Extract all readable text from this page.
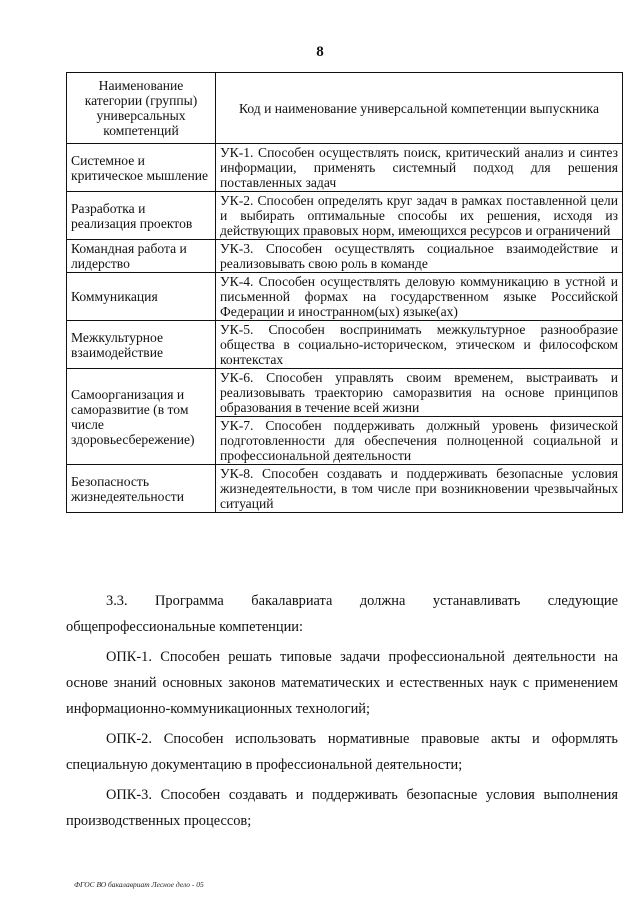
8
Наименование категории (группы) универсальных компетенций	Код и наименование универсальной компетенции выпускника
Системное и критическое мышление	УК-1. Способен осуществлять поиск, критический анализ и синтез информации, применять системный подход для решения поставленных задач
Разработка и реализация проектов	УК-2. Способен определять круг задач в рамках поставленной цели и выбирать оптимальные способы их решения, исходя из действующих правовых норм, имеющихся ресурсов и ограничений
Командная работа и лидерство	УК-3. Способен осуществлять социальное взаимодействие и реализовывать свою роль в команде
Коммуникация	УК-4. Способен осуществлять деловую коммуникацию в устной и письменной формах на государственном языке Российской Федерации и иностранном(ых) языке(ах)
Межкультурное взаимодействие	УК-5. Способен воспринимать межкультурное разнообразие общества в социально-историческом, этическом и философском контекстах
Самоорганизация и саморазвитие (в том числе здоровьесбережение)	УК-6. Способен управлять своим временем, выстраивать и реализовывать траекторию саморазвития на основе принципов образования в течение всей жизни
	УК-7. Способен поддерживать должный уровень физической подготовленности для обеспечения полноценной социальной и профессиональной деятельности
Безопасность жизнедеятельности	УК-8. Способен создавать и поддерживать безопасные условия жизнедеятельности, в том числе при возникновении чрезвычайных ситуаций

3.3. Программа бакалавриата должна устанавливать следующие общепрофессиональные компетенции:

ОПК-1. Способен решать типовые задачи профессиональной деятельности на основе знаний основных законов математических и естественных наук с применением информационно-коммуникационных технологий;

ОПК-2. Способен использовать нормативные правовые акты и оформлять специальную документацию в профессиональной деятельности;

ОПК-3. Способен создавать и поддерживать безопасные условия выполнения производственных процессов;

ФГОС ВО бакалавриат Лесное дело - 05
